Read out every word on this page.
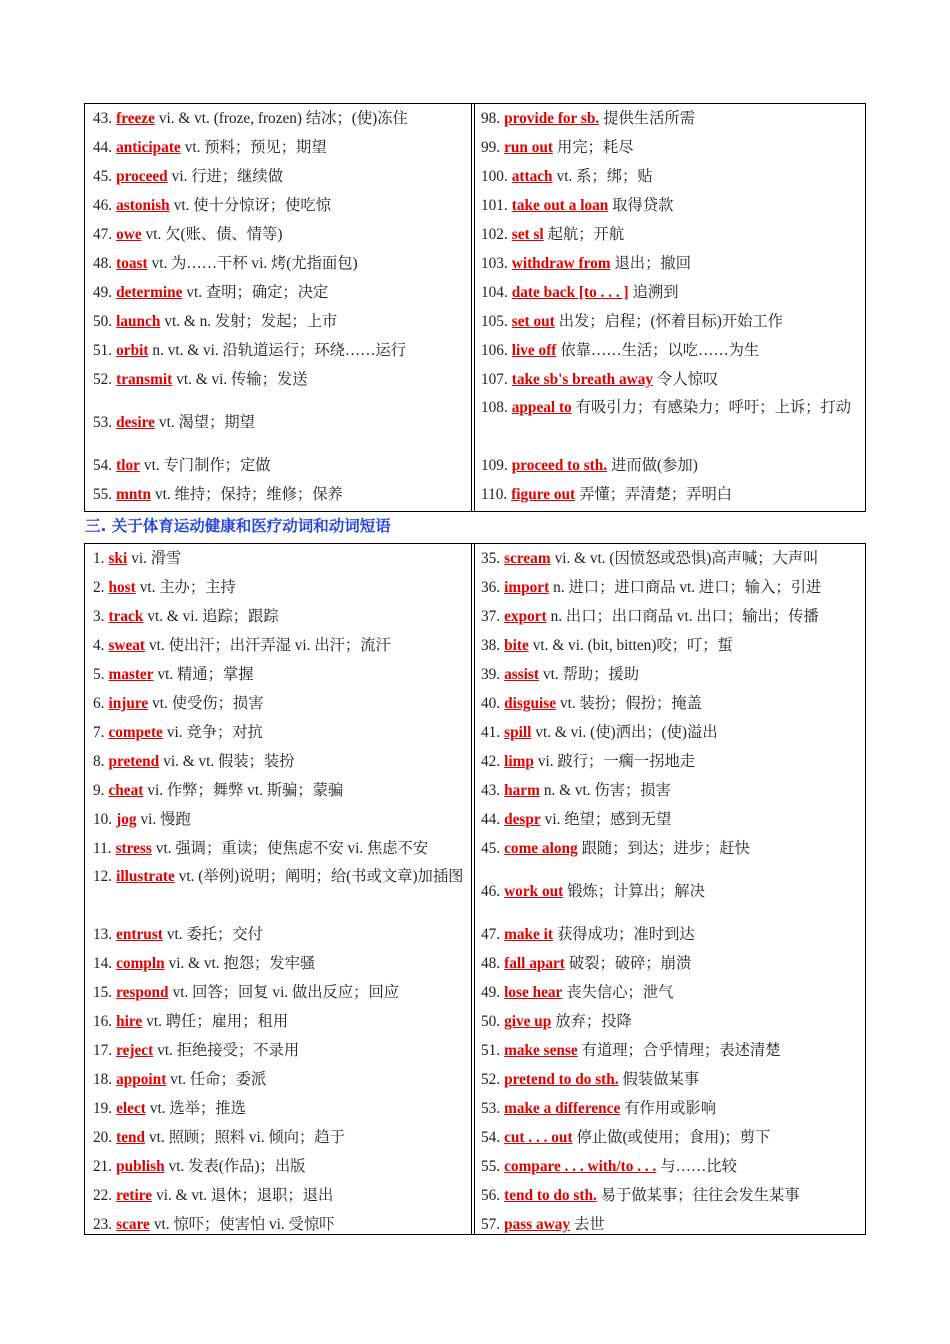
43. freeze vi. & vt. (froze, frozen) 结冰；(使)冻住
44. anticipate vt. 预料；预见；期望
45. proceed vi. 行进；继续做
46. astonish vt. 使十分惊讶；使吃惊
47. owe vt. 欠(账、债、情等)
48. toast vt. 为……干杯 vi. 烤(尤指面包)
49. determine vt. 查明；确定；决定
50. launch vt. & n. 发射；发起；上市
51. orbit n. vt. & vi. 沿轨道运行；环绕……运行
52. transmit vt. & vi. 传输；发送
53. desire vt. 渴望；期望
54. tlor vt. 专门制作；定做
55. mntn vt. 维持；保持；维修；保养
98. provide for sb. 提供生活所需
99. run out 用完；耗尽
100. attach vt. 系；绑；贴
101. take out a loan 取得贷款
102. set sl 起航；开航
103. withdraw from 退出；撤回
104. date back [to . . . ] 追溯到
105. set out 出发；启程；(怀着目标)开始工作
106. live off 依靠……生活；以吃……为生
107. take sb's breath away 令人惊叹
108. appeal to 有吸引力；有感染力；呼吁；上诉；打动
109. proceed to sth. 进而做(参加)
110. figure out 弄懂；弄清楚；弄明白
三. 关于体育运动健康和医疗动词和动词短语
1. ski vi. 滑雪
2. host vt. 主办；主持
3. track vt. & vi. 追踪；跟踪
4. sweat vt. 使出汗；出汗弄湿 vi. 出汗；流汗
5. master vt. 精通；掌握
6. injure vt. 使受伤；损害
7. compete vi. 竞争；对抗
8. pretend vi. & vt. 假装；装扮
9. cheat vi. 作弊；舞弊 vt. 斯骗；蒙骗
10. jog vi. 慢跑
11. stress vt. 强调；重读；使焦虑不安 vi. 焦虑不安
12. illustrate vt. (举例)说明；阐明；给(书或文章)加插图
13. entrust vt. 委托；交付
14. compln vi. & vt. 抱怨；发牢骚
15. respond vt. 回答；回复 vi. 做出反应；回应
16. hire vt. 聘任；雇用；租用
17. reject vt. 拒绝接受；不录用
18. appoint vt. 任命；委派
19. elect vt. 选举；推选
20. tend vt. 照顾；照料 vi. 倾向；趋于
21. publish vt. 发表(作品)；出版
22. retire vi. & vt. 退休；退职；退出
23. scare vt. 惊吓；使害怕 vi. 受惊吓
35. scream vi. & vt. (因愤怒或恐惧)高声喊；大声叫
36. import n. 进口；进口商品 vt. 进口；输入；引进
37. export n. 出口；出口商品 vt. 出口；输出；传播
38. bite vt. & vi. (bit, bitten)咬；叮；蜇
39. assist vt. 帮助；援助
40. disguise vt. 装扮；假扮；掩盖
41. spill vt. & vi. (使)洒出；(使)溢出
42. limp vi. 跛行；一瘸一拐地走
43. harm n. & vt. 伤害；损害
44. despr vi. 绝望；感到无望
45. come along 跟随；到达；进步；赶快
46. work out 锻炼；计算出；解决
47. make it 获得成功；准时到达
48. fall apart 破裂；破碎；崩溃
49. lose hear 丧失信心；泄气
50. give up 放弃；投降
51. make sense 有道理；合乎情理；表述清楚
52. pretend to do sth. 假装做某事
53. make a difference 有作用或影响
54. cut . . . out 停止做(或使用；食用)；剪下
55. compare . . . with/to . . . 与……比较
56. tend to do sth. 易于做某事；往往会发生某事
57. pass away 去世
